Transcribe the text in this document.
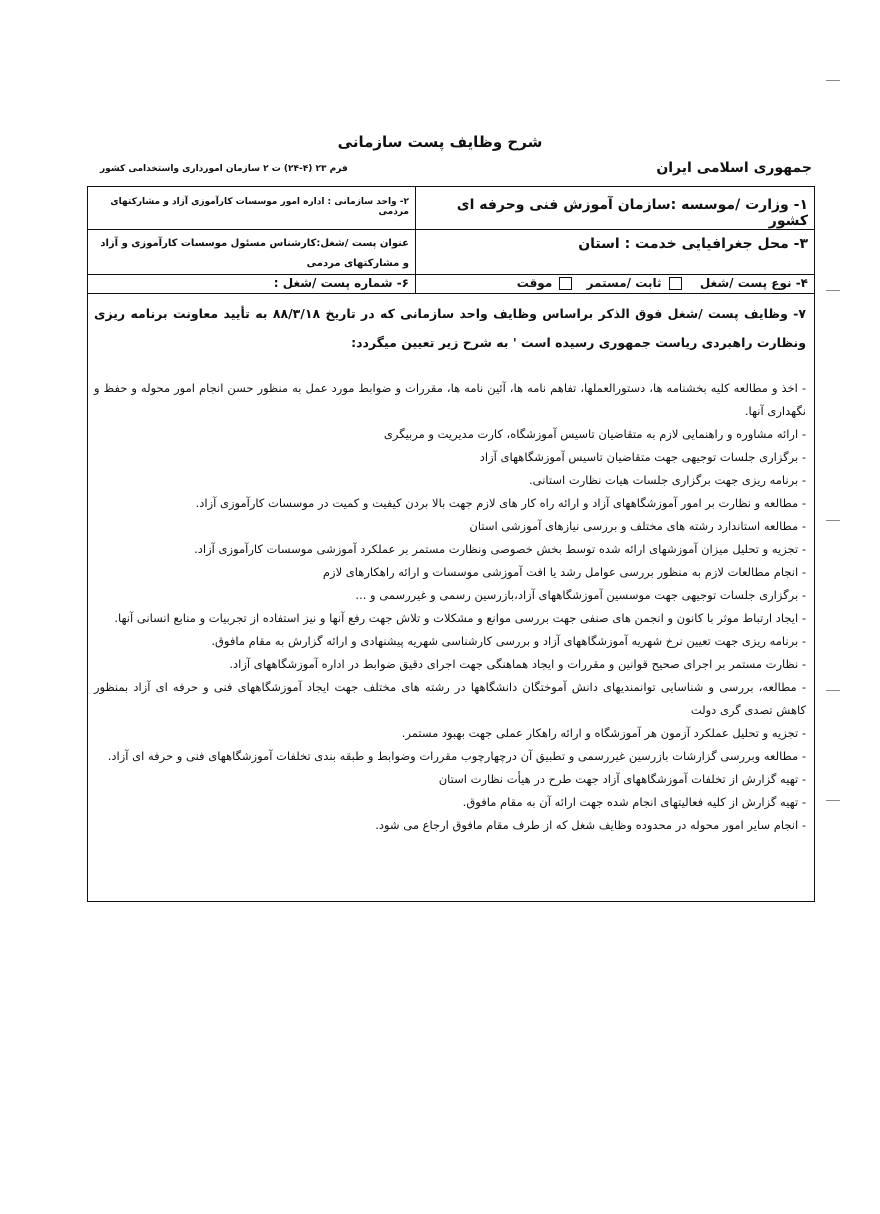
شرح وظایف پست سازمانی
جمهوری اسلامی ایران
فرم ۲۳ (۴-۲۴) ت ۲ سازمان امورداری واستخدامی کشور
۱- وزارت /موسسه :سازمان آموزش فنی وحرفه ای کشور
۲- واحد سازمانی : اداره امور موسسات کارآموزی آزاد و مشارکتهای مردمی
۳- محل جغرافیایی خدمت : استان
عنوان پست /شغل:کارشناس مسئول موسسات کارآموزی و آزاد و مشارکتهای مردمی
۴- نوع پست /شغل  ثابت /مستمر  موقت
۶- شماره پست /شغل :
۷- وظایف پست /شغل فوق الذکر براساس وظایف واحد سازمانی که در تاریخ ۸۸/۳/۱۸ به تأیید معاونت برنامه ریزی ونظارت راهبردی ریاست جمهوری رسیده است ' به شرح زیر تعیین میگردد:
- اخذ و مطالعه کلیه بخشنامه ها، دستورالعملها، تفاهم نامه ها، آئین نامه ها، مقررات و ضوابط مورد عمل به منظور حسن انجام امور محوله و حفظ و نگهداری آنها.
- ارائه مشاوره و راهنمایی لازم به متقاضیان تاسیس آموزشگاه، کارت مدیریت و مربیگری
- برگزاری جلسات توجیهی جهت متقاضیان تاسیس آموزشگاههای آزاد
- برنامه ریزی جهت برگزاری جلسات هیات نظارت استانی.
- مطالعه و نظارت بر امور آموزشگاههای آزاد و ارائه راه کار های لازم جهت بالا بردن کیفیت و کمیت در موسسات کارآموزی آزاد.
- مطالعه استاندارد رشته های مختلف و بررسی نیازهای آموزشی استان
- تجزیه و تحلیل میزان آموزشهای ارائه شده توسط بخش خصوصی ونظارت مستمر بر عملکرد آموزشی موسسات کارآموزی آزاد.
- انجام مطالعات لازم به منظور بررسی عوامل رشد یا افت آموزشی موسسات و ارائه راهکارهای لازم
- برگزاری جلسات توجیهی جهت موسسین آموزشگاههای آزاد،بازرسین رسمی و غیررسمی و ...
- ایجاد ارتباط موثر با کانون و انجمن های صنفی جهت بررسی موانع و مشکلات و تلاش جهت رفع آنها و نیز استفاده از تجربیات و منابع انسانی آنها.
- برنامه ریزی جهت تعیین نرخ شهریه آموزشگاههای آزاد و بررسی کارشناسی شهریه پیشنهادی و ارائه گزارش به مقام مافوق.
- نظارت مستمر بر اجرای صحیح قوانین و مقررات و ایجاد هماهنگی جهت اجرای دقیق ضوابط در اداره آموزشگاههای آزاد.
- مطالعه، بررسی و شناسایی توانمندیهای دانش آموختگان دانشگاهها در رشته های مختلف جهت ایجاد آموزشگاههای فنی و حرفه ای آزاد بمنظور کاهش تصدی گری دولت
- تجزیه و تحلیل عملکرد آزمون هر آموزشگاه و ارائه راهکار عملی جهت بهبود مستمر.
- مطالعه وبررسی گزارشات بازرسین غیررسمی و تطبیق آن درچهارچوب مقررات وضوابط و طبقه بندی تخلفات آموزشگاههای فنی و حرفه ای آزاد.
- تهیه گزارش از تخلفات آموزشگاههای آزاد جهت طرح در هیأت نظارت استان
- تهیه گزارش از کلیه فعالیتهای انجام شده جهت ارائه آن به مقام مافوق.
- انجام سایر امور محوله در محدوده وظایف شغل که از طرف مقام مافوق ارجاع می شود.
